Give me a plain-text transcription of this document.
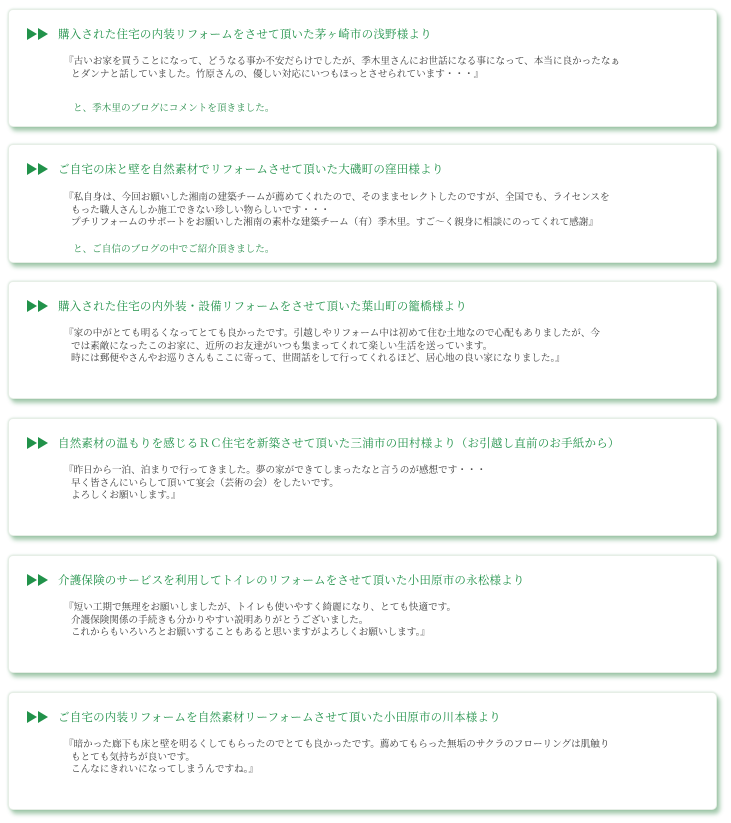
購入された住宅の内装リフォームをさせて頂いた茅ヶ崎市の浅野様より

『古いお家を買うことになって、どうなる事か不安だらけでしたが、季木里さんにお世話になる事になって、本当に良かったなぁ

とダンナと話していました。竹原さんの、優しい対応にいつもほっとさせられています・・・』

と、季木里のブログにコメントを頂きました。
ご自宅の床と壁を自然素材でリフォームさせて頂いた大磯町の窪田様より

『私自身は、今回お願いした湘南の建築チームが薦めてくれたので、そのままセレクトしたのですが、全国でも、ライセンスを

もった職人さんしか施工できない珍しい物らしいです・・・

プチリフォームのサポートをお願いした湘南の素朴な建築チーム（有）季木里。すご～く親身に相談にのってくれて感謝』

と、ご自信のブログの中でご紹介頂きました。
購入された住宅の内外装・設備リフォームをさせて頂いた葉山町の籠橋様より

『家の中がとても明るくなってとても良かったです。引越しやリフォーム中は初めて住む土地なので心配もありましたが、今

では素敵になったこのお家に、近所のお友達がいつも集まってくれて楽しい生活を送っています。

時には郵便やさんやお巡りさんもここに寄って、世間話をして行ってくれるほど、居心地の良い家になりました。』

自然素材の温もりを感じるＲＣ住宅を新築させて頂いた三浦市の田村様より（お引越し直前のお手紙から）

『昨日から一泊、泊まりで行ってきました。夢の家ができてしまったなと言うのが感想です・・・

早く皆さんにいらして頂いて宴会（芸術の会）をしたいです。

よろしくお願いします。』

介護保険のサービスを利用してトイレのリフォームをさせて頂いた小田原市の永松様より

『短い工期で無理をお願いしましたが、トイレも使いやすく綺麗になり、とても快適です。

介護保険関係の手続きも分かりやすい説明ありがとうございました。

これからもいろいろとお願いすることもあると思いますがよろしくお願いします。』

ご自宅の内装リフォームを自然素材リーフォームさせて頂いた小田原市の川本様より

『暗かった廊下も床と壁を明るくしてもらったのでとても良かったです。薦めてもらった無垢のサクラのフローリングは肌触り

もとても気持ちが良いです。

こんなにきれいになってしまうんですね。』
